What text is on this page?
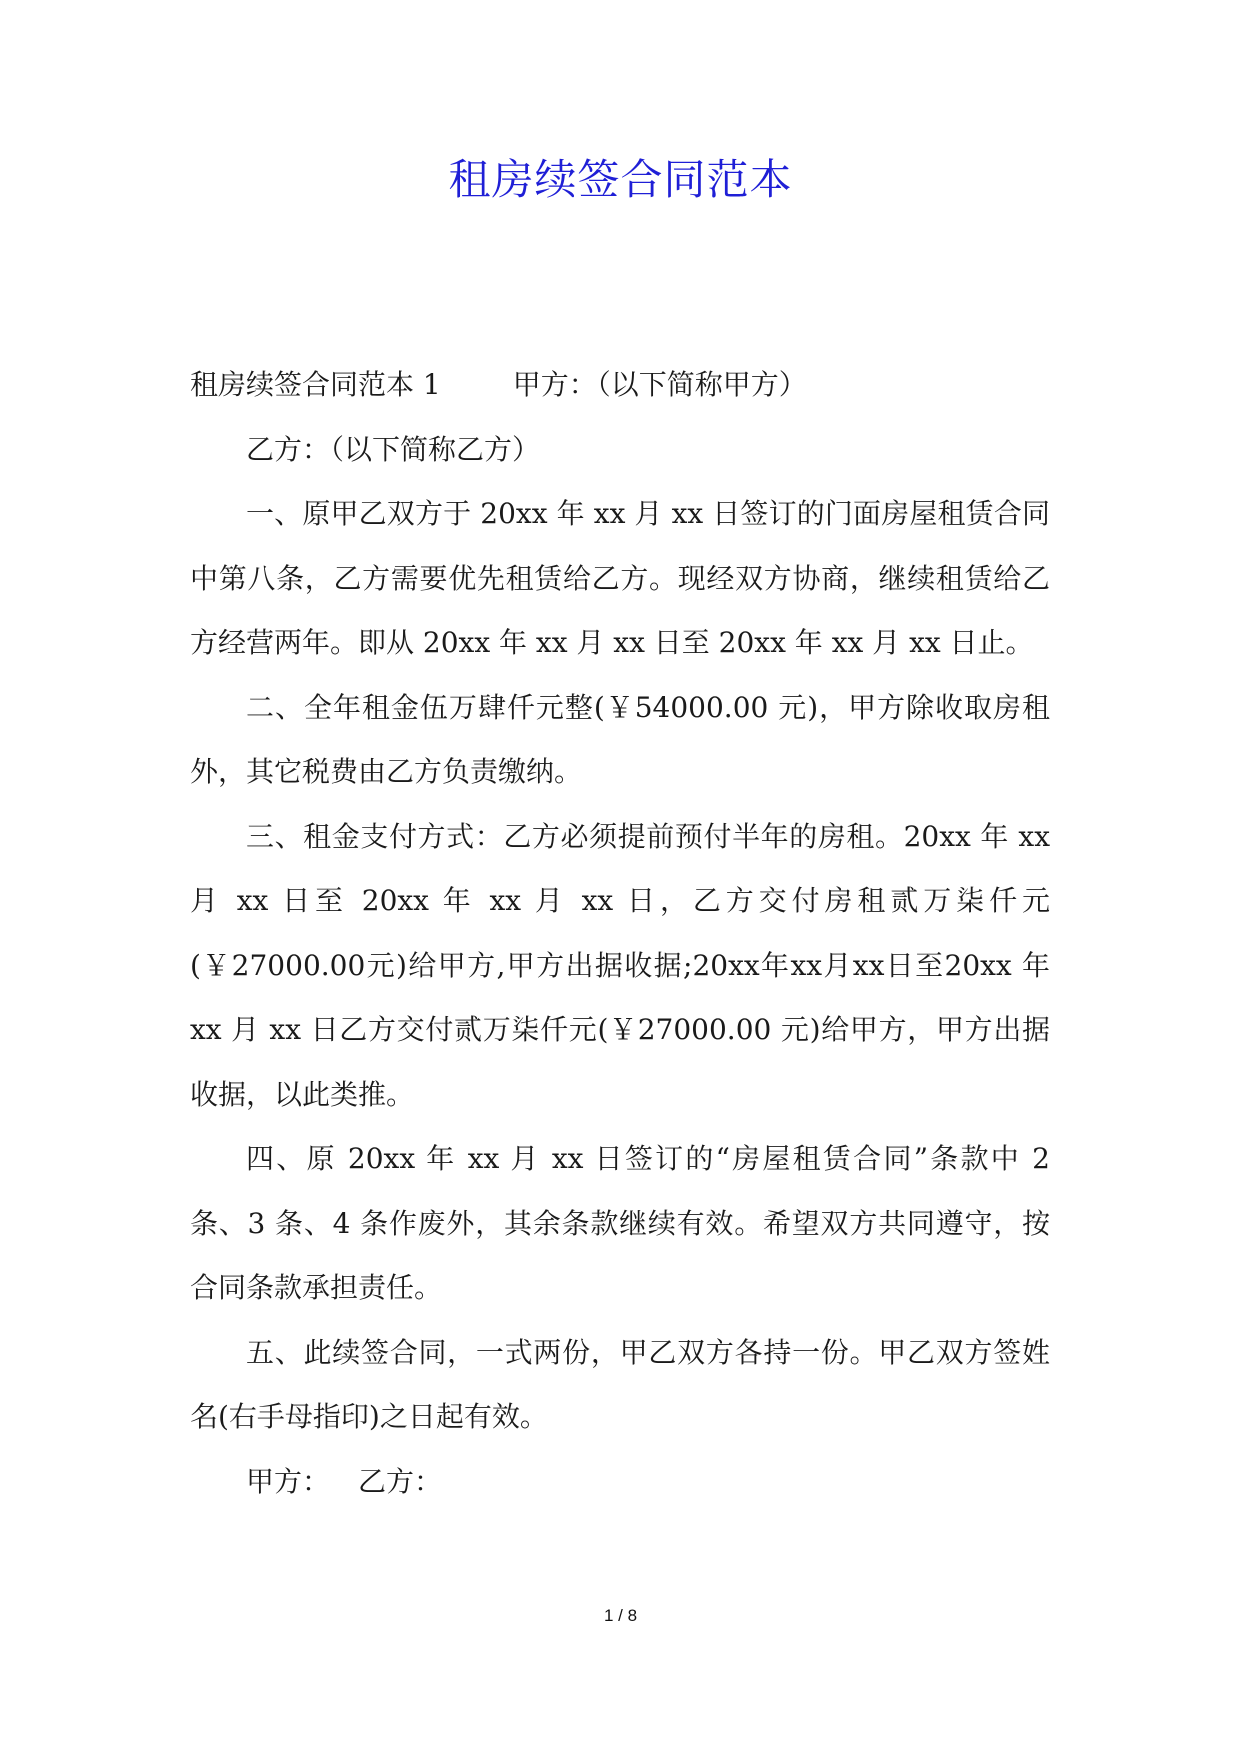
租房续签合同范本

租房续签合同范本 1	甲方：（以下简称甲方）

乙方：（以下简称乙方）

一、原甲乙双方于 20xx 年 xx 月 xx 日签订的门面房屋租赁合同中第八条，乙方需要优先租赁给乙方。现经双方协商，继续租赁给乙方经营两年。即从 20xx 年 xx 月 xx 日至 20xx 年 xx 月 xx 日止。

二、全年租金伍万肆仟元整(￥54000.00 元)，甲方除收取房租外，其它税费由乙方负责缴纳。

三、租金支付方式：乙方必须提前预付半年的房租。20xx 年 xx 月 xx 日至 20xx 年 xx 月 xx 日，乙方交付房租贰万柒仟元(￥27000.00元)给甲方,甲方出据收据;20xx年xx月xx日至20xx 年 xx 月 xx 日乙方交付贰万柒仟元(￥27000.00 元)给甲方，甲方出据收据，以此类推。

四、原 20xx 年 xx 月 xx 日签订的“房屋租赁合同”条款中 2 条、3 条、4 条作废外，其余条款继续有效。希望双方共同遵守，按合同条款承担责任。

五、此续签合同，一式两份，甲乙双方各持一份。甲乙双方签姓名(右手母指印)之日起有效。

甲方： 乙方：

1 / 8
